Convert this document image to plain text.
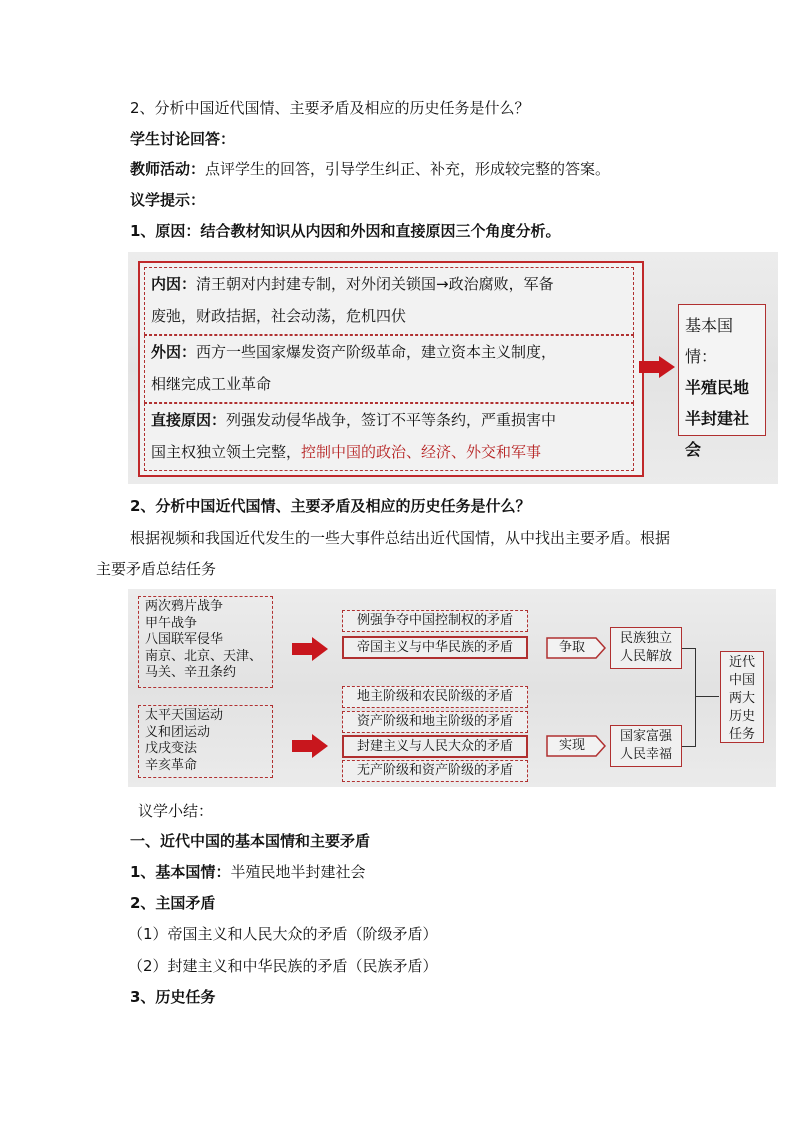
2、分析中国近代国情、主要矛盾及相应的历史任务是什么？
学生讨论回答：
教师活动：点评学生的回答，引导学生纠正、补充，形成较完整的答案。
议学提示：
1、原因：结合教材知识从内因和外因和直接原因三个角度分析。
内因：清王朝对内封建专制，对外闭关锁国→政治腐败，军备
废弛，财政拮据，社会动荡，危机四伏
外因：西方一些国家爆发资产阶级革命，建立资本主义制度，
相继完成工业革命
直接原因：列强发动侵华战争，签订不平等条约，严重损害中
国主权独立领土完整，控制中国的政治、经济、外交和军事
基本国情：
半殖民地半封建社会
2、分析中国近代国情、主要矛盾及相应的历史任务是什么？
根据视频和我国近代发生的一些大事件总结出近代国情，从中找出主要矛盾。根据
主要矛盾总结任务
两次鸦片战争
甲午战争
八国联军侵华
南京、北京、天津、
马关、辛丑条约
太平天国运动
义和团运动
戊戌变法
辛亥革命
例强争夺中国控制权的矛盾
帝国主义与中华民族的矛盾
地主阶级和农民阶级的矛盾
资产阶级和地主阶级的矛盾
封建主义与人民大众的矛盾
无产阶级和资产阶级的矛盾
争取
实现
民族独立人民解放
国家富强人民幸福
近代中国两大历史任务
议学小结：
一、近代中国的基本国情和主要矛盾
1、基本国情：半殖民地半封建社会
2、主国矛盾
（1）帝国主义和人民大众的矛盾（阶级矛盾）
（2）封建主义和中华民族的矛盾（民族矛盾）
3、历史任务
